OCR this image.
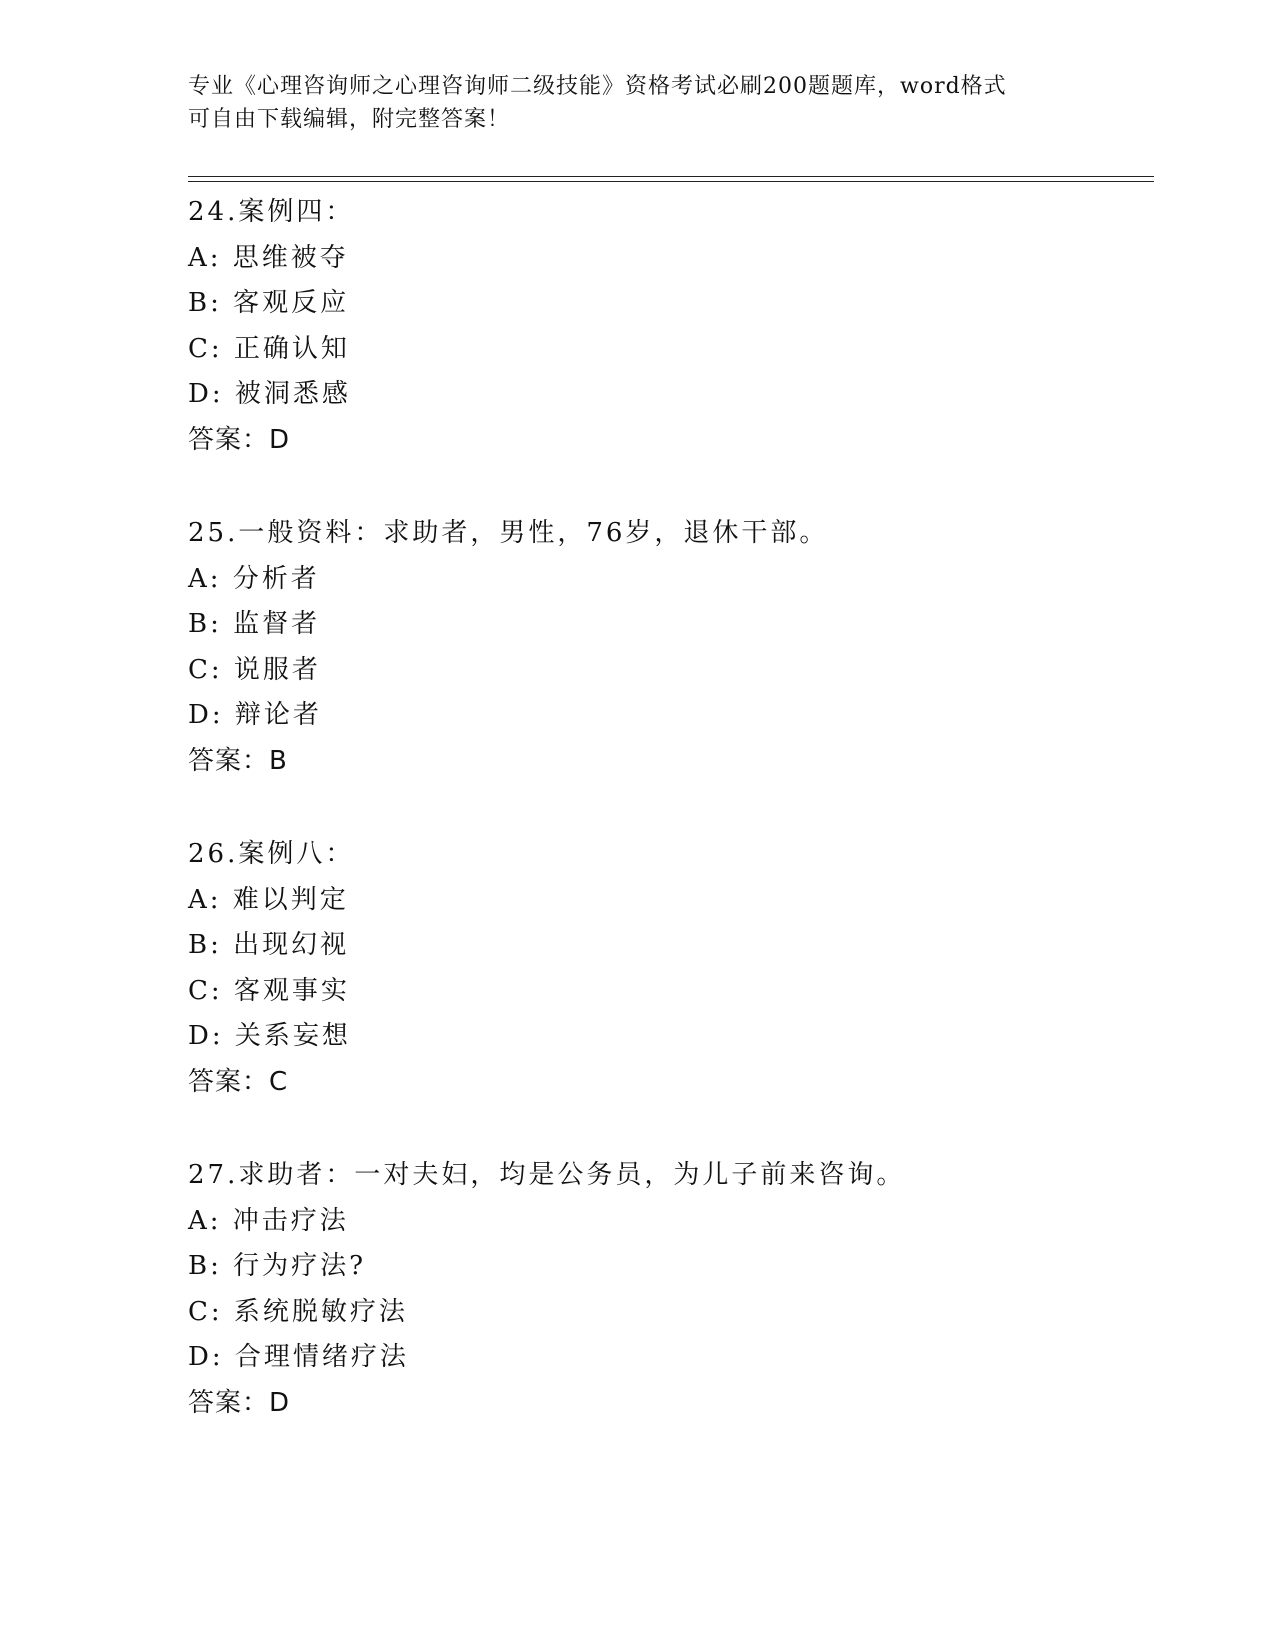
专业《心理咨询师之心理咨询师二级技能》资格考试必刷200题题库，word格式
可自由下载编辑，附完整答案！
24.案例四：
A: 思维被夺
B: 客观反应
C: 正确认知
D: 被洞悉感
答案：D
25.一般资料：求助者，男性，76岁，退休干部。
A: 分析者
B: 监督者
C: 说服者
D: 辩论者
答案：B
26.案例八：
A: 难以判定
B: 出现幻视
C: 客观事实
D: 关系妄想
答案：C
27.求助者：一对夫妇，均是公务员，为儿子前来咨询。
A: 冲击疗法
B: 行为疗法?
C: 系统脱敏疗法
D: 合理情绪疗法
答案：D
